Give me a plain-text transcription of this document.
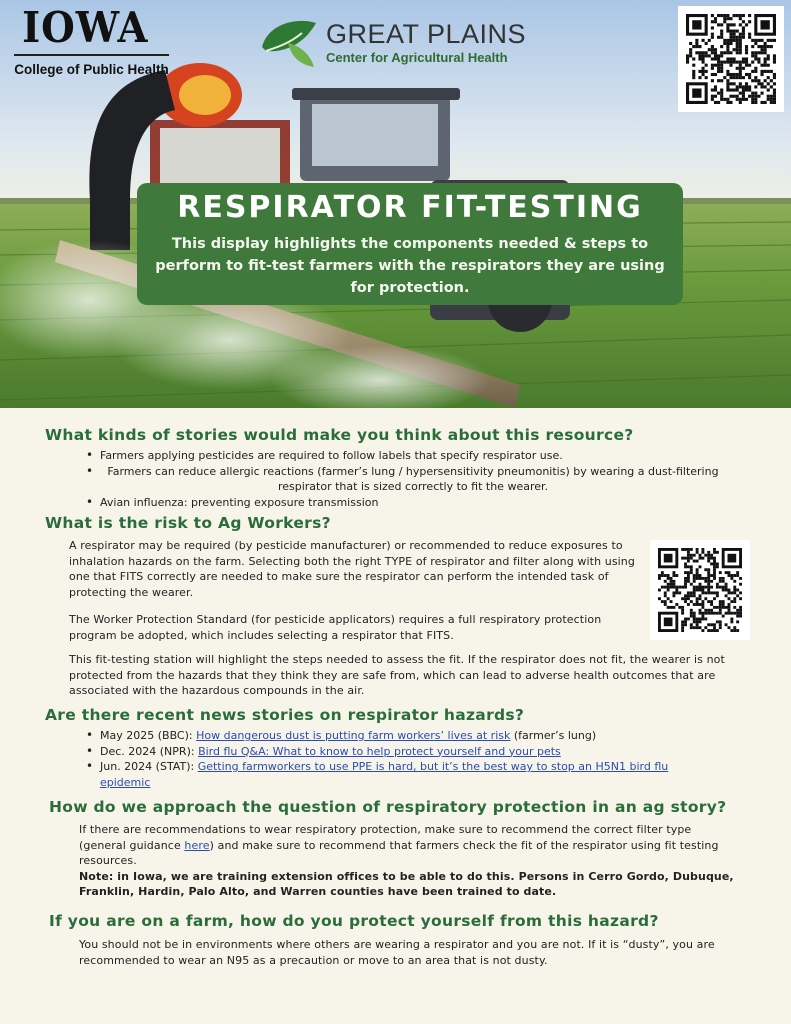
IOWA
College of Public Health
GREAT PLAINS
Center for Agricultural Health
RESPIRATOR FIT-TESTING
This display highlights the components needed & steps to perform to fit-test farmers with the respirators they are using for protection.
What kinds of stories would make you think about this resource?
• Farmers applying pesticides are required to follow labels that specify respirator use.
• Farmers can reduce allergic reactions (farmer’s lung / hypersensitivity pneumonitis) by wearing a dust-filtering respirator that is sized correctly to fit the wearer.
• Avian influenza: preventing exposure transmission
What is the risk to Ag Workers?
A respirator may be required (by pesticide manufacturer) or recommended to reduce exposures to inhalation hazards on the farm. Selecting both the right TYPE of respirator and filter along with using one that FITS correctly are needed to make sure the respirator can perform the intended task of protecting the wearer.
The Worker Protection Standard (for pesticide applicators) requires a full respiratory protection program be adopted, which includes selecting a respirator that FITS.
This fit-testing station will highlight the steps needed to assess the fit. If the respirator does not fit, the wearer is not protected from the hazards that they think they are safe from, which can lead to adverse health outcomes that are associated with the hazardous compounds in the air.
Are there recent news stories on respirator hazards?
• May 2025 (BBC): How dangerous dust is putting farm workers’ lives at risk (farmer’s lung)
• Dec. 2024 (NPR): Bird flu Q&A: What to know to help protect yourself and your pets
• Jun. 2024 (STAT): Getting farmworkers to use PPE is hard, but it’s the best way to stop an H5N1 bird flu epidemic
How do we approach the question of respiratory protection in an ag story?
If there are recommendations to wear respiratory protection, make sure to recommend the correct filter type (general guidance here) and make sure to recommend that farmers check the fit of the respirator using fit testing resources.
Note: in Iowa, we are training extension offices to be able to do this. Persons in Cerro Gordo, Dubuque, Franklin, Hardin, Palo Alto, and Warren counties have been trained to date.
If you are on a farm, how do you protect yourself from this hazard?
You should not be in environments where others are wearing a respirator and you are not. If it is “dusty”, you are recommended to wear an N95 as a precaution or move to an area that is not dusty.
